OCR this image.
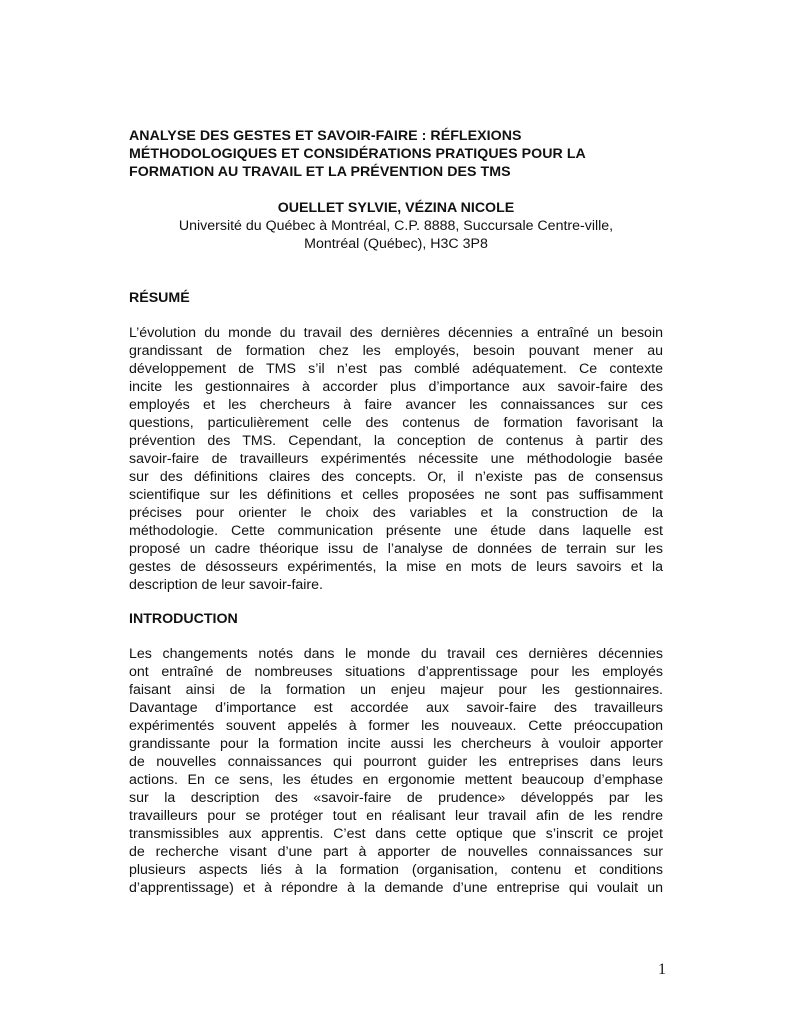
ANALYSE DES GESTES ET SAVOIR-FAIRE : RÉFLEXIONS
MÉTHODOLOGIQUES ET CONSIDÉRATIONS PRATIQUES POUR LA
FORMATION AU TRAVAIL ET LA PRÉVENTION DES TMS
OUELLET SYLVIE, VÉZINA NICOLE
Université du Québec à Montréal, C.P. 8888, Succursale Centre-ville,
Montréal (Québec), H3C 3P8
RÉSUMÉ
L’évolution du monde du travail des dernières décennies a entraîné un besoin
grandissant de formation chez les employés, besoin pouvant mener au
développement de TMS s’il n’est pas comblé adéquatement. Ce contexte
incite les gestionnaires à accorder plus d’importance aux savoir-faire des
employés et les chercheurs à faire avancer les connaissances sur ces
questions, particulièrement celle des contenus de formation favorisant la
prévention des TMS. Cependant, la conception de contenus à partir des
savoir-faire de travailleurs expérimentés nécessite une méthodologie basée
sur des définitions claires des concepts. Or, il n’existe pas de consensus
scientifique sur les définitions et celles proposées ne sont pas suffisamment
précises pour orienter le choix des variables et la construction de la
méthodologie. Cette communication présente une étude dans laquelle est
proposé un cadre théorique issu de l’analyse de données de terrain sur les
gestes de désosseurs expérimentés, la mise en mots de leurs savoirs et la
description de leur savoir-faire.
INTRODUCTION
Les changements notés dans le monde du travail ces dernières décennies
ont entraîné de nombreuses situations d’apprentissage pour les employés
faisant ainsi de la formation un enjeu majeur pour les gestionnaires.
Davantage d’importance est accordée aux savoir-faire des travailleurs
expérimentés souvent appelés à former les nouveaux. Cette préoccupation
grandissante pour la formation incite aussi les chercheurs à vouloir apporter
de nouvelles connaissances qui pourront guider les entreprises dans leurs
actions. En ce sens, les études en ergonomie mettent beaucoup d’emphase
sur la description des «savoir-faire de prudence» développés par les
travailleurs pour se protéger tout en réalisant leur travail afin de les rendre
transmissibles aux apprentis. C’est dans cette optique que s’inscrit ce projet
de recherche visant d’une part à apporter de nouvelles connaissances sur
plusieurs aspects liés à la formation (organisation, contenu et conditions
d’apprentissage) et à répondre à la demande d’une entreprise qui voulait un
1
